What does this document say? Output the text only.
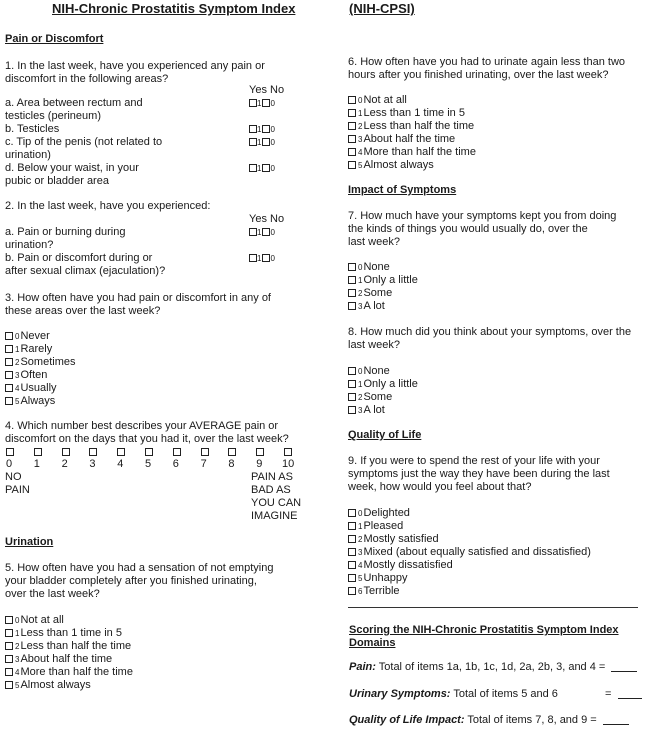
NIH-Chronic Prostatitis Symptom Index	(NIH-CPSI)
Pain or Discomfort
1. In the last week, have you experienced any pain or
discomfort in the following areas?
Yes No
a. Area between rectum and
testicles (perineum)
b. Testicles
c. Tip of the penis (not related to
urination)
d. Below your waist, in your
pubic or bladder area
1 0
1 0
1 0
1 0
2. In the last week, have you experienced:
Yes No
a. Pain or burning during
urination?
b. Pain or discomfort during or
after sexual climax (ejaculation)?
1 0
1 0
3. How often have you had pain or discomfort in any of
these areas over the last week?
0Never
1Rarely
2Sometimes
3Often
4Usually
5Always
4. Which number best describes your AVERAGE pain or
discomfort on the days that you had it, over the last week?
0 1 2 3 4 5 6 7 8 9 10
NO
PAIN
PAIN AS
BAD AS
YOU CAN
IMAGINE
Urination
5. How often have you had a sensation of not emptying
your bladder completely after you finished urinating,
over the last week?
0Not at all
1Less than 1 time in 5
2Less than half the time
3About half the time
4More than half the time
5Almost always
6. How often have you had to urinate again less than two
hours after you finished urinating, over the last week?
0Not at all
1Less than 1 time in 5
2Less than half the time
3About half the time
4More than half the time
5Almost always
Impact of Symptoms
7. How much have your symptoms kept you from doing
the kinds of things you would usually do, over the
last week?
0None
1Only a little
2Some
3A lot
8. How much did you think about your symptoms, over the
last week?
0None
1Only a little
2Some
3A lot
Quality of Life
9. If you were to spend the rest of your life with your
symptoms just the way they have been during the last
week, how would you feel about that?
0Delighted
1Pleased
2Mostly satisfied
3Mixed (about equally satisfied and dissatisfied)
4Mostly dissatisfied
5Unhappy
6Terrible
Scoring the NIH-Chronic Prostatitis Symptom Index
Domains
Pain: Total of items 1a, 1b, 1c, 1d, 2a, 2b, 3, and 4 =
Urinary Symptoms: Total of items 5 and 6	=
Quality of Life Impact: Total of items 7, 8, and 9 =
